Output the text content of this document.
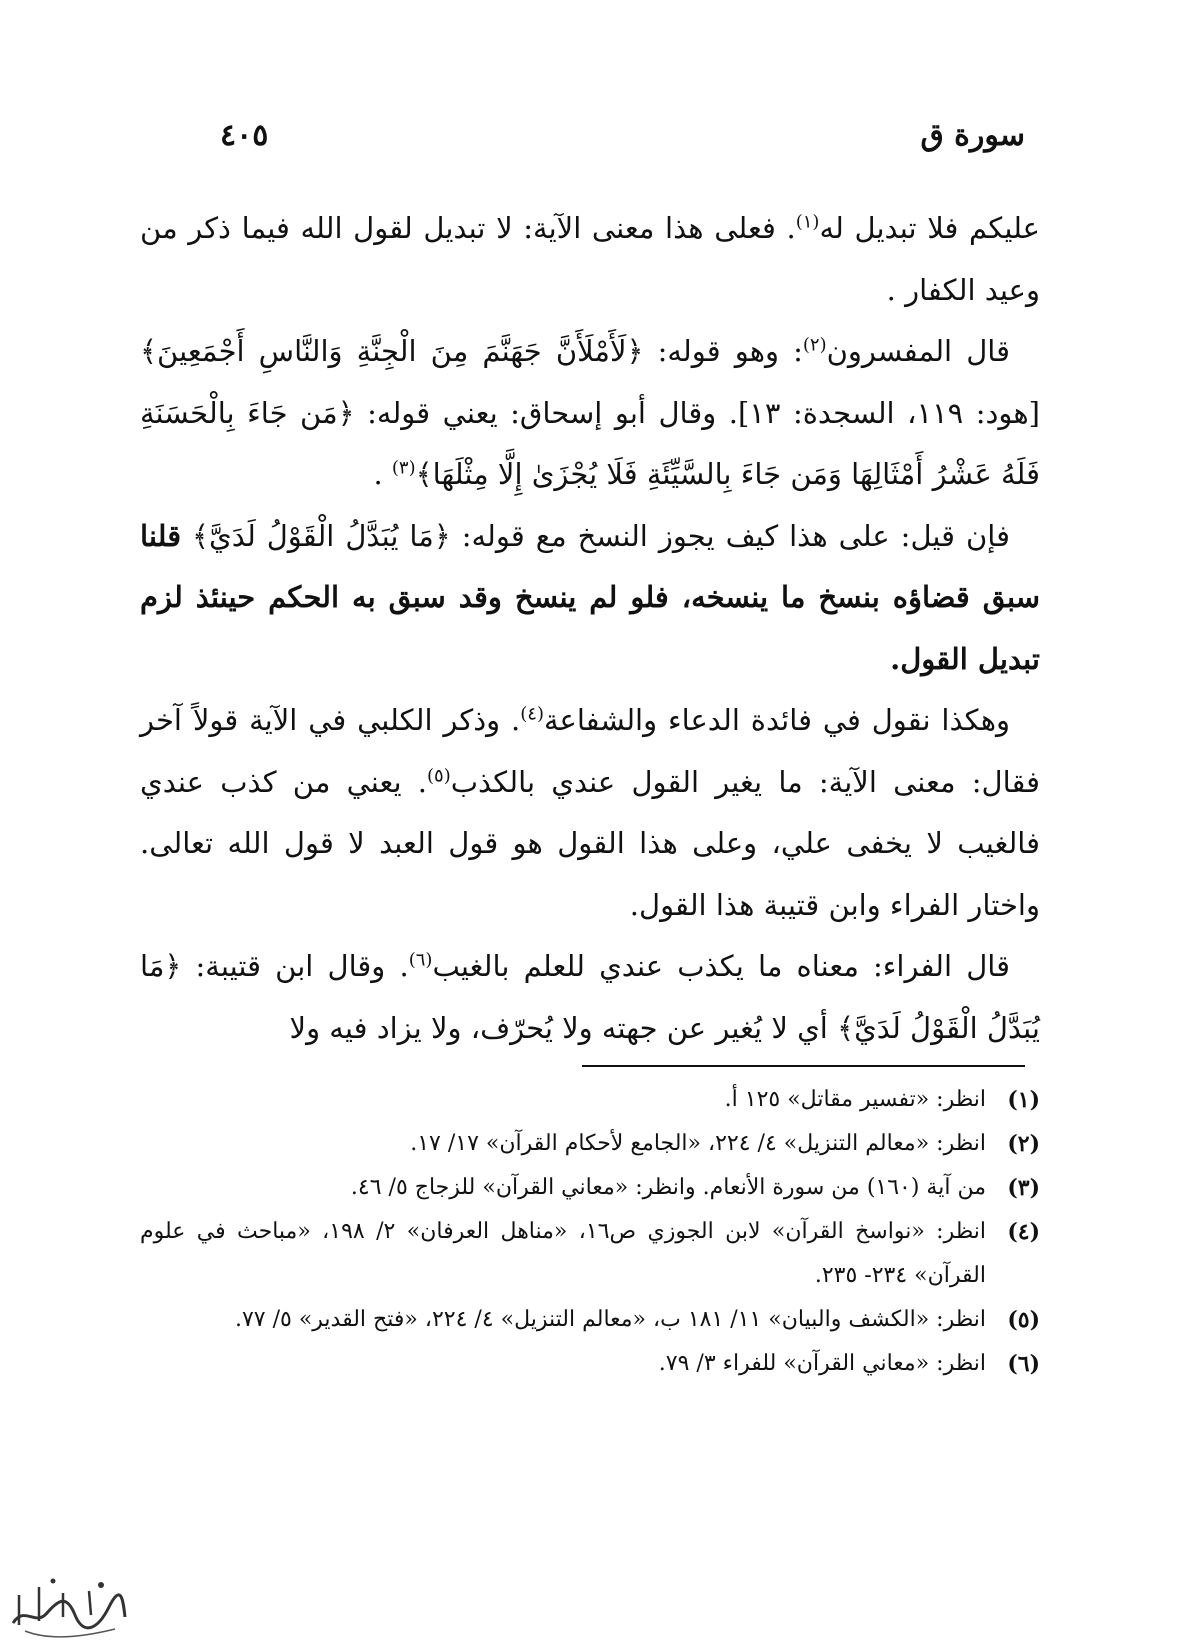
سورة ق
٤٠٥

عليكم فلا تبديل له$^{(١)}$. فعلى هذا معنى الآية: لا تبديل لقول الله فيما ذكر من وعيد الكفار .

قال المفسرون$^{(٢)}$: وهو قوله: ﴿لَأَمْلَأَنَّ جَهَنَّمَ مِنَ الْجِنَّةِ وَالنَّاسِ أَجْمَعِينَ﴾ [هود: ١١٩، السجدة: ١٣]. وقال أبو إسحاق: يعني قوله: ﴿مَن جَاءَ بِالْحَسَنَةِ فَلَهُ عَشْرُ أَمْثَالِهَا وَمَن جَاءَ بِالسَّيِّئَةِ فَلَا يُجْزَىٰ إِلَّا مِثْلَهَا﴾$^{(٣)}$ .

فإن قيل: على هذا كيف يجوز النسخ مع قوله: ﴿مَا يُبَدَّلُ الْقَوْلُ لَدَيَّ﴾ قلنا سبق قضاؤه بنسخ ما ينسخه، فلو لم ينسخ وقد سبق به الحكم حينئذ لزم تبديل القول.

وهكذا نقول في فائدة الدعاء والشفاعة$^{(٤)}$. وذكر الكلبي في الآية قولاً آخر فقال: معنى الآية: ما يغير القول عندي بالكذب$^{(٥)}$. يعني من كذب عندي فالغيب لا يخفى علي، وعلى هذا القول هو قول العبد لا قول الله تعالى. واختار الفراء وابن قتيبة هذا القول.

قال الفراء: معناه ما يكذب عندي للعلم بالغيب$^{(٦)}$. وقال ابن قتيبة: ﴿مَا يُبَدَّلُ الْقَوْلُ لَدَيَّ﴾ أي لا يُغير عن جهته ولا يُحرّف، ولا يزاد فيه ولا

(١)
انظر: «تفسير مقاتل» ١٢٥ أ.
(٢)
انظر: «معالم التنزيل» ٤/ ٢٢٤، «الجامع لأحكام القرآن» ١٧/ ١٧.
(٣)
من آية (١٦٠) من سورة الأنعام. وانظر: «معاني القرآن» للزجاج ٥/ ٤٦.
(٤)
انظر: «نواسخ القرآن» لابن الجوزي ص١٦، «مناهل العرفان» ٢/ ١٩٨، «مباحث في علوم القرآن» ٢٣٤- ٢٣٥.
(٥)
انظر: «الكشف والبيان» ١١/ ١٨١ ب، «معالم التنزيل» ٤/ ٢٢٤، «فتح القدير» ٥/ ٧٧.
(٦)
انظر: «معاني القرآن» للفراء ٣/ ٧٩.
